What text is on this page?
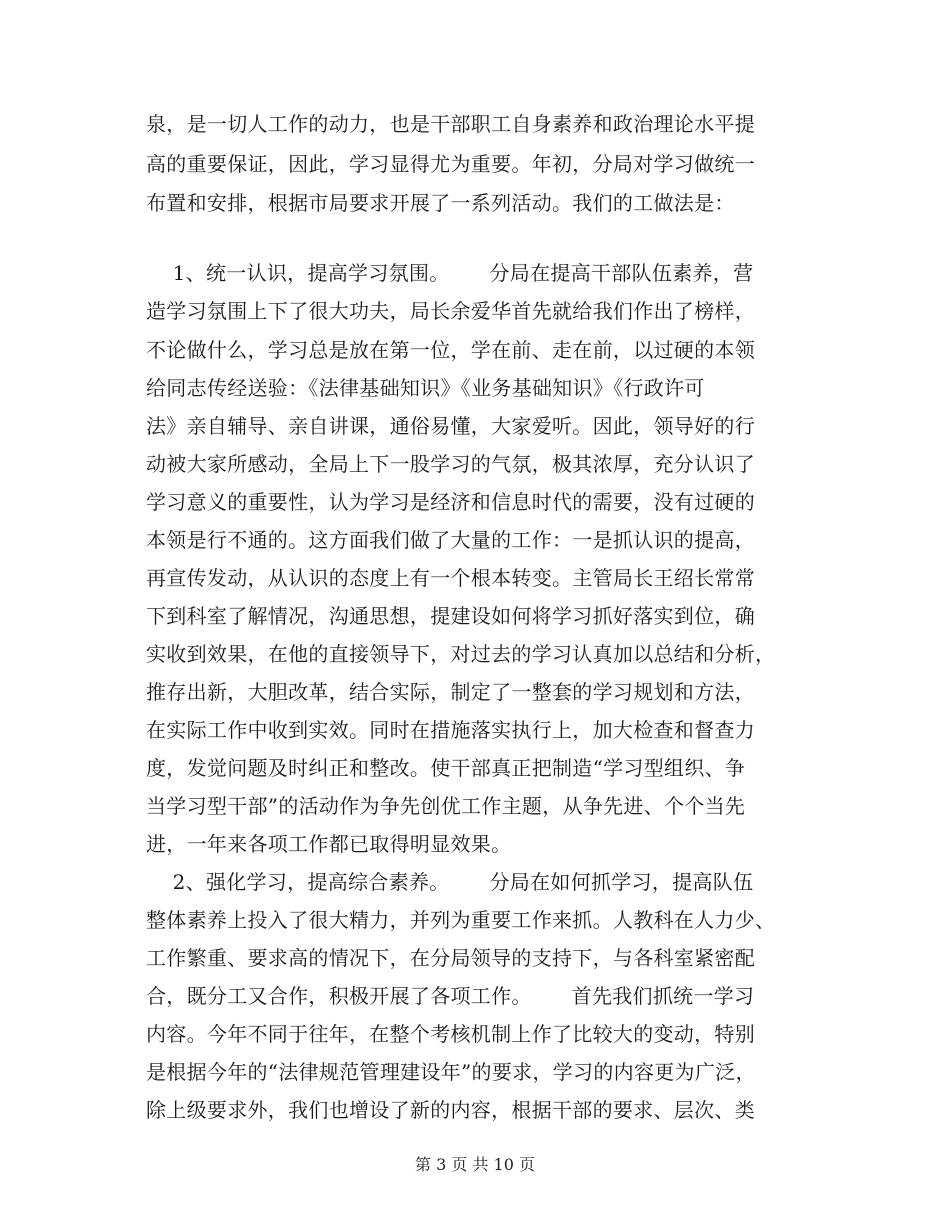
泉，是一切人工作的动力，也是干部职工自身素养和政治理论水平提
高的重要保证，因此，学习显得尤为重要。年初，分局对学习做统一
布置和安排，根据市局要求开展了一系列活动。我们的工做法是：
1、统一认识，提高学习氛围。      分局在提高干部队伍素养，营
造学习氛围上下了很大功夫，局长余爱华首先就给我们作出了榜样，
不论做什么，学习总是放在第一位，学在前、走在前，以过硬的本领
给同志传经送验：《法律基础知识》《业务基础知识》《行政许可
法》亲自辅导、亲自讲课，通俗易懂，大家爱听。因此，领导好的行
动被大家所感动，全局上下一股学习的气氛，极其浓厚，充分认识了
学习意义的重要性，认为学习是经济和信息时代的需要，没有过硬的
本领是行不通的。这方面我们做了大量的工作：一是抓认识的提高，
再宣传发动，从认识的态度上有一个根本转变。主管局长王绍长常常
下到科室了解情况，沟通思想，提建设如何将学习抓好落实到位，确
实收到效果，在他的直接领导下，对过去的学习认真加以总结和分析，
推存出新，大胆改革，结合实际，制定了一整套的学习规划和方法，
在实际工作中收到实效。同时在措施落实执行上，加大检查和督查力
度，发觉问题及时纠正和整改。使干部真正把制造“学习型组织、争
当学习型干部”的活动作为争先创优工作主题，从争先进、个个当先
进，一年来各项工作都已取得明显效果。
2、强化学习，提高综合素养。      分局在如何抓学习，提高队伍
整体素养上投入了很大精力，并列为重要工作来抓。人教科在人力少、
工作繁重、要求高的情况下，在分局领导的支持下，与各科室紧密配
合，既分工又合作，积极开展了各项工作。      首先我们抓统一学习
内容。今年不同于往年，在整个考核机制上作了比较大的变动，特别
是根据今年的“法律规范管理建设年”的要求，学习的内容更为广泛，
除上级要求外，我们也增设了新的内容，根据干部的要求、层次、类
第 3 页 共 10 页
